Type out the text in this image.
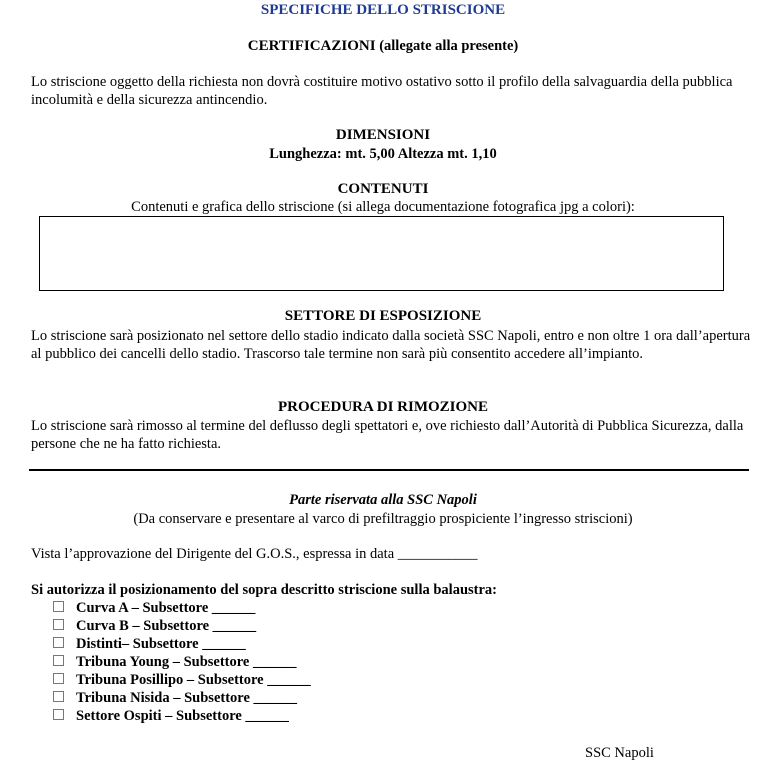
SPECIFICHE DELLO STRISCIONE
CERTIFICAZIONI (allegate alla presente)
Lo striscione oggetto della richiesta non dovrà costituire motivo ostativo sotto il profilo della salvaguardia della pubblica incolumità e della sicurezza antincendio.
DIMENSIONI
Lunghezza: mt. 5,00 Altezza mt. 1,10
CONTENUTI
Contenuti e grafica dello striscione (si allega documentazione fotografica jpg a colori):
SETTORE DI ESPOSIZIONE
Lo striscione sarà posizionato nel settore dello stadio indicato dalla società SSC Napoli, entro e non oltre 1 ora dall’apertura al pubblico dei cancelli dello stadio. Trascorso tale termine non sarà più consentito accedere all’impianto.
PROCEDURA DI RIMOZIONE
Lo striscione sarà rimosso al termine del deflusso degli spettatori e, ove richiesto dall’Autorità di Pubblica Sicurezza, dalla persone che ne ha fatto richiesta.
Parte riservata alla SSC Napoli
(Da conservare e presentare al varco di prefiltraggio prospiciente l’ingresso striscioni)
Vista l’approvazione del Dirigente del G.O.S., espressa in data ___________
Si autorizza il posizionamento del sopra descritto striscione sulla balaustra:
Curva A – Subsettore ______
Curva B – Subsettore ______
Distinti– Subsettore ______
Tribuna Young – Subsettore ______
Tribuna Posillipo – Subsettore ______
Tribuna Nisida – Subsettore ______
Settore Ospiti – Subsettore ______
SSC Napoli
